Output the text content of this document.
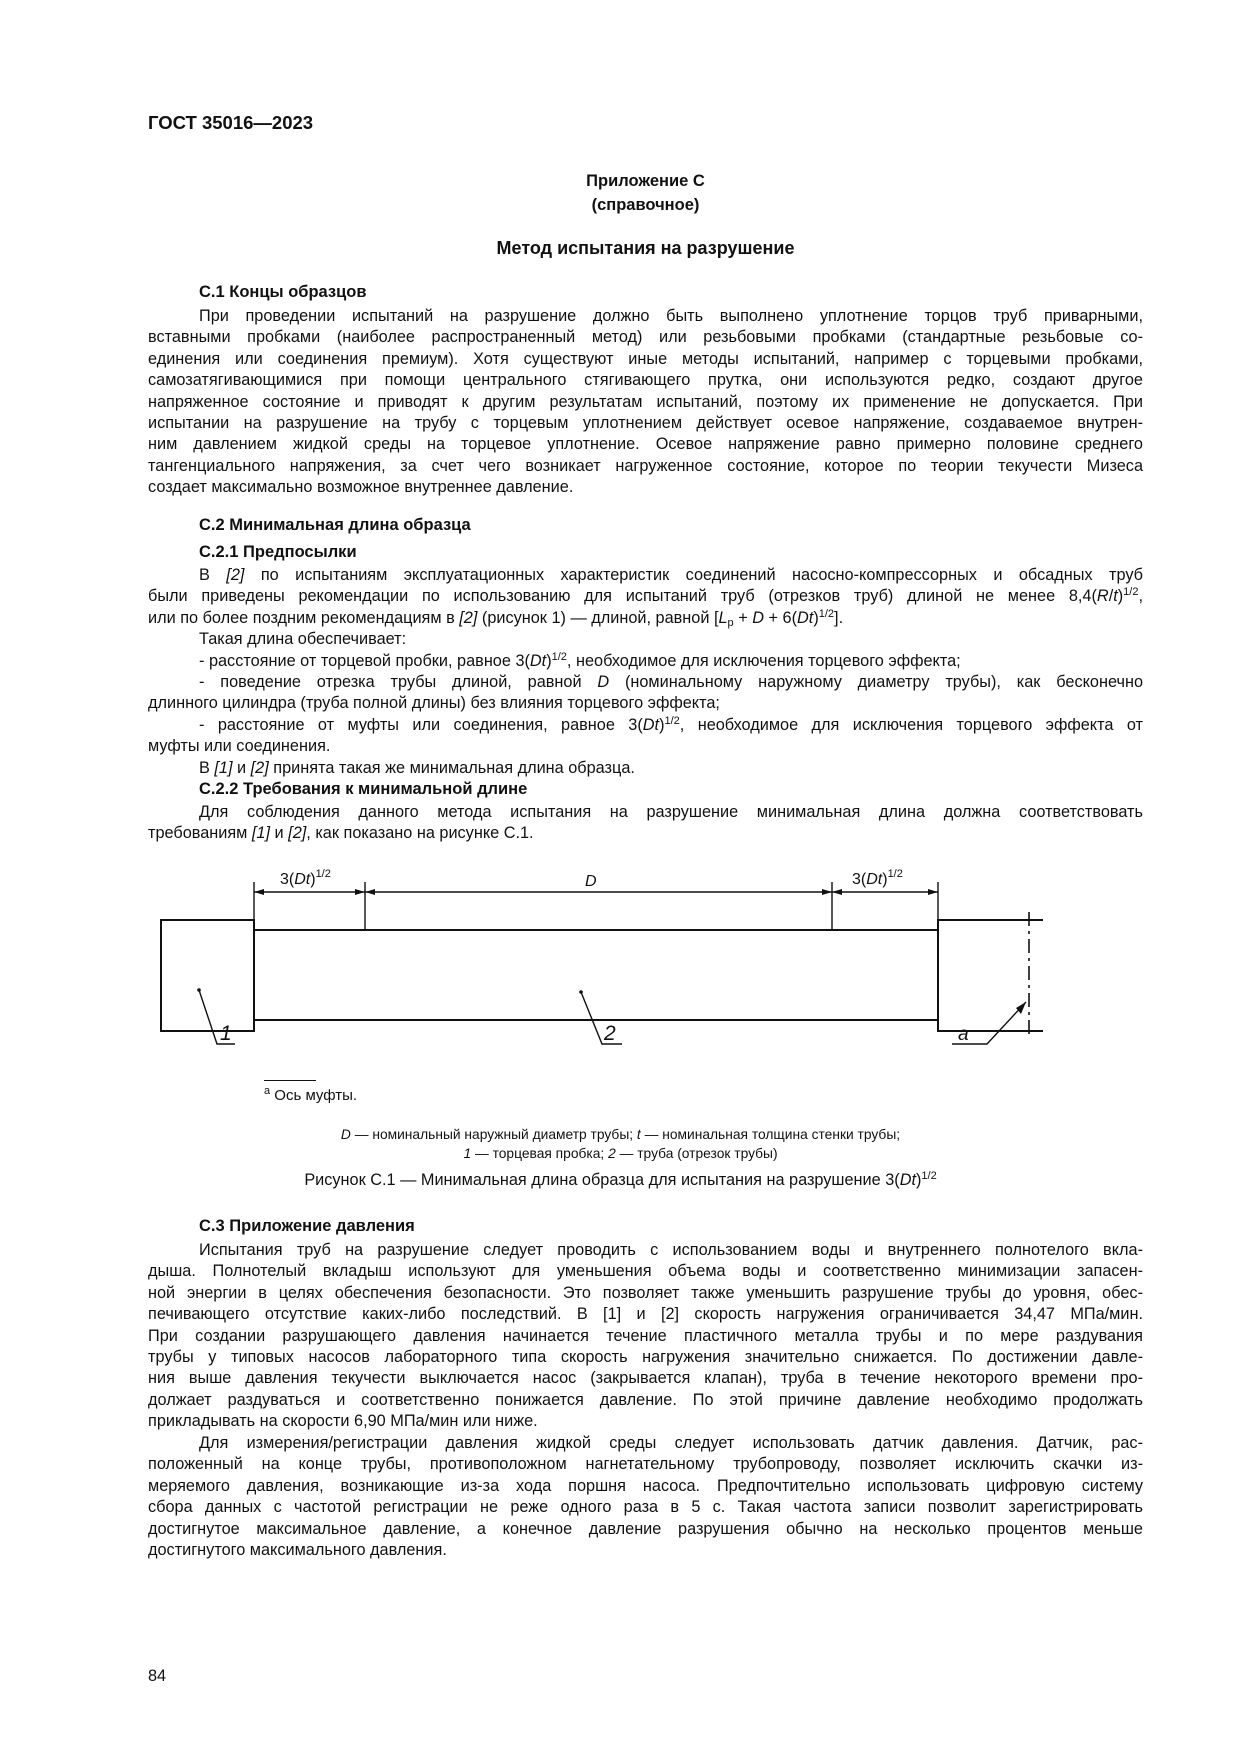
ГОСТ 35016—2023
Приложение С
(справочное)
Метод испытания на разрушение
С.1 Концы образцов
При проведении испытаний на разрушение должно быть выполнено уплотнение торцов труб приварными,
вставными пробками (наиболее распространенный метод) или резьбовыми пробками (стандартные резьбовые со-
единения или соединения премиум). Хотя существуют иные методы испытаний, например с торцевыми пробками,
самозатягивающимися при помощи центрального стягивающего прутка, они используются редко, создают другое
напряженное состояние и приводят к другим результатам испытаний, поэтому их применение не допускается. При
испытании на разрушение на трубу с торцевым уплотнением действует осевое напряжение, создаваемое внутрен-
ним давлением жидкой среды на торцевое уплотнение. Осевое напряжение равно примерно половине среднего
тангенциального напряжения, за счет чего возникает нагруженное состояние, которое по теории текучести Мизеса
создает максимально возможное внутреннее давление.
С.2 Минимальная длина образца
С.2.1 Предпосылки
В [2] по испытаниям эксплуатационных характеристик соединений насосно-компрессорных и обсадных труб
были приведены рекомендации по использованию для испытаний труб (отрезков труб) длиной не менее $8,4(R/t)^{1/2}$,
или по более поздним рекомендациям в [2] (рисунок 1) — длиной, равной $[L_p + D + 6(Dt)^{1/2}]$.
Такая длина обеспечивает:
- расстояние от торцевой пробки, равное $3(Dt)^{1/2}$, необходимое для исключения торцевого эффекта;
- поведение отрезка трубы длиной, равной D (номинальному наружному диаметру трубы), как бесконечно
длинного цилиндра (труба полной длины) без влияния торцевого эффекта;
- расстояние от муфты или соединения, равное $3(Dt)^{1/2}$, необходимое для исключения торцевого эффекта от
муфты или соединения.
В [1] и [2] принята такая же минимальная длина образца.
С.2.2 Требования к минимальной длине
Для соблюдения данного метода испытания на разрушение минимальная длина должна соответствовать
требованиям [1] и [2], как показано на рисунке С.1.
$3(Dt)^{1/2}$	D	$3(Dt)^{1/2}$
1	2	a
$^a$ Ось муфты.
D — номинальный наружный диаметр трубы; t — номинальная толщина стенки трубы;
1 — торцевая пробка; 2 — труба (отрезок трубы)
Рисунок С.1 — Минимальная длина образца для испытания на разрушение $3(Dt)^{1/2}$
С.3 Приложение давления
Испытания труб на разрушение следует проводить с использованием воды и внутреннего полнотелого вкла-
дыша. Полнотелый вкладыш используют для уменьшения объема воды и соответственно минимизации запасен-
ной энергии в целях обеспечения безопасности. Это позволяет также уменьшить разрушение трубы до уровня, обес-
печивающего отсутствие каких-либо последствий. В [1] и [2] скорость нагружения ограничивается 34,47 МПа/мин.
При создании разрушающего давления начинается течение пластичного металла трубы и по мере раздувания
трубы у типовых насосов лабораторного типа скорость нагружения значительно снижается. По достижении давле-
ния выше давления текучести выключается насос (закрывается клапан), труба в течение некоторого времени про-
должает раздуваться и соответственно понижается давление. По этой причине давление необходимо продолжать
прикладывать на скорости 6,90 МПа/мин или ниже.
Для измерения/регистрации давления жидкой среды следует использовать датчик давления. Датчик, рас-
положенный на конце трубы, противоположном нагнетательному трубопроводу, позволяет исключить скачки из-
меряемого давления, возникающие из-за хода поршня насоса. Предпочтительно использовать цифровую систему
сбора данных с частотой регистрации не реже одного раза в 5 с. Такая частота записи позволит зарегистрировать
достигнутое максимальное давление, а конечное давление разрушения обычно на несколько процентов меньше
достигнутого максимального давления.
84
